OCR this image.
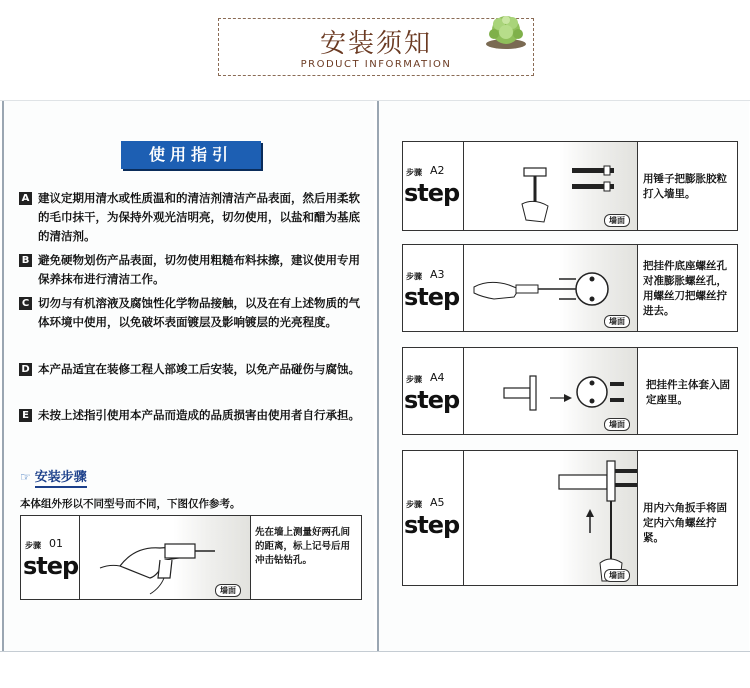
安装须知
PRODUCT INFORMATION
使用指引
A 建议定期用清水或性质温和的清洁剂清洁产品表面，然后用柔软的毛巾抹干，为保持外观光洁明亮，切勿使用，以盐和醋为基底的清洁剂。
B 避免硬物划伤产品表面，切勿使用粗糙布料抹擦，建议使用专用保养抹布进行清洁工作。
C 切勿与有机溶液及腐蚀性化学物品接触，以及在有上述物质的气体环境中使用，以免破坏表面镀层及影响镀层的光亮程度。
D 本产品适宜在装修工程人部竣工后安装，以免产品碰伤与腐蚀。
E 未按上述指引使用本产品而造成的品质损害由使用者自行承担。
☞ 安装步骤
本体组外形以不同型号而不同，下图仅作参考。
步骤 01
step
墙面
先在墙上测量好两孔间的距离，标上记号后用冲击钻钻孔。
步骤 A2
step
墙面
用锤子把膨胀胶粒打入墙里。
步骤 A3
step
墙面
把挂件底座螺丝孔对准膨胀螺丝孔，用螺丝刀把螺丝拧进去。
步骤 A4
step
墙面
把挂件主体套入固定座里。
步骤 A5
step
墙面
用内六角扳手将固定内六角螺丝拧紧。
